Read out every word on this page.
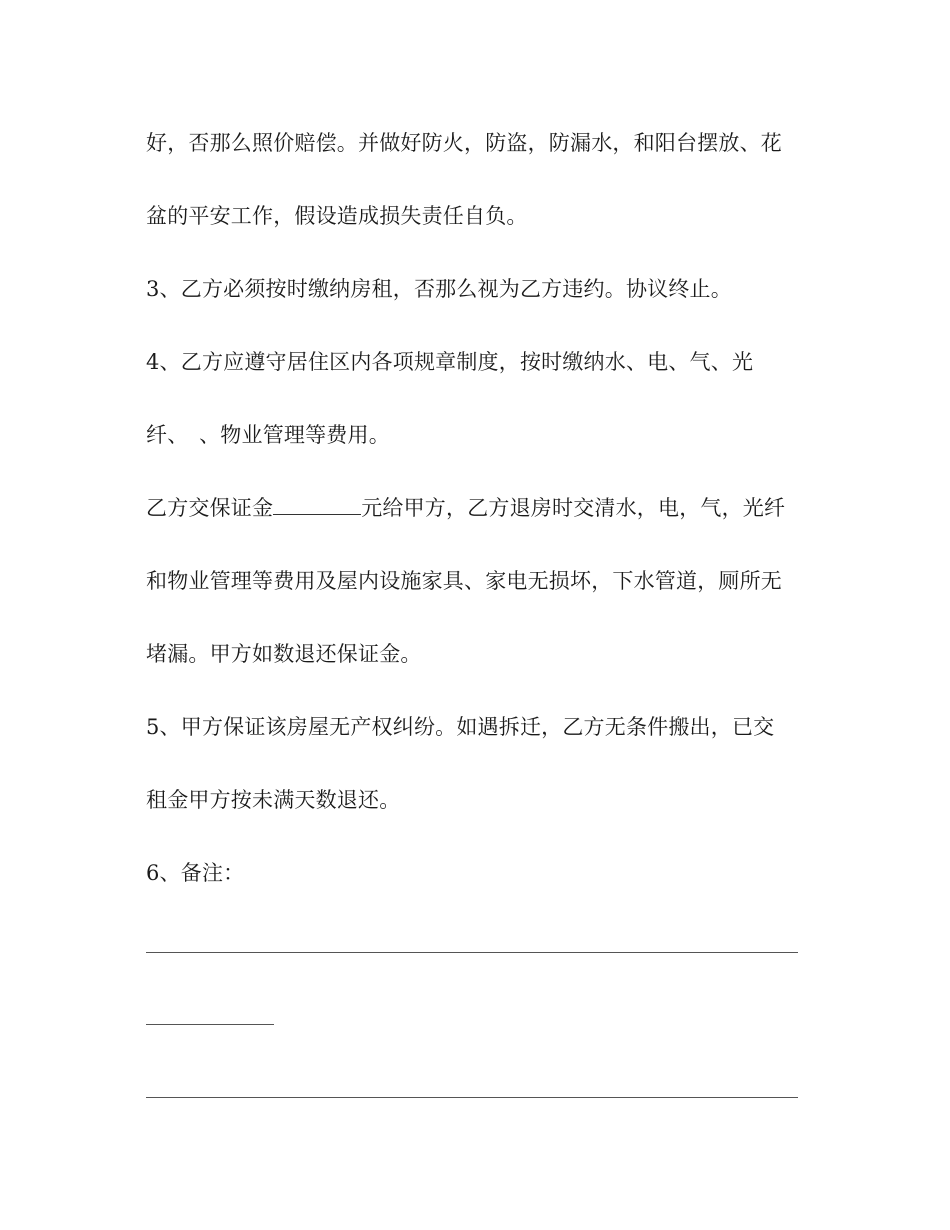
好，否那么照价赔偿。并做好防火，防盗，防漏水，和阳台摆放、花
盆的平安工作，假设造成损失责任自负。
3、乙方必须按时缴纳房租，否那么视为乙方违约。协议终止。
4、乙方应遵守居住区内各项规章制度，按时缴纳水、电、气、光
纤、　、物业管理等费用。
乙方交保证金	元给甲方，乙方退房时交清水，电，气，光纤
和物业管理等费用及屋内设施家具、家电无损坏，下水管道，厕所无
堵漏。甲方如数退还保证金。
5、甲方保证该房屋无产权纠纷。如遇拆迁，乙方无条件搬出，已交
租金甲方按未满天数退还。
6、备注：
